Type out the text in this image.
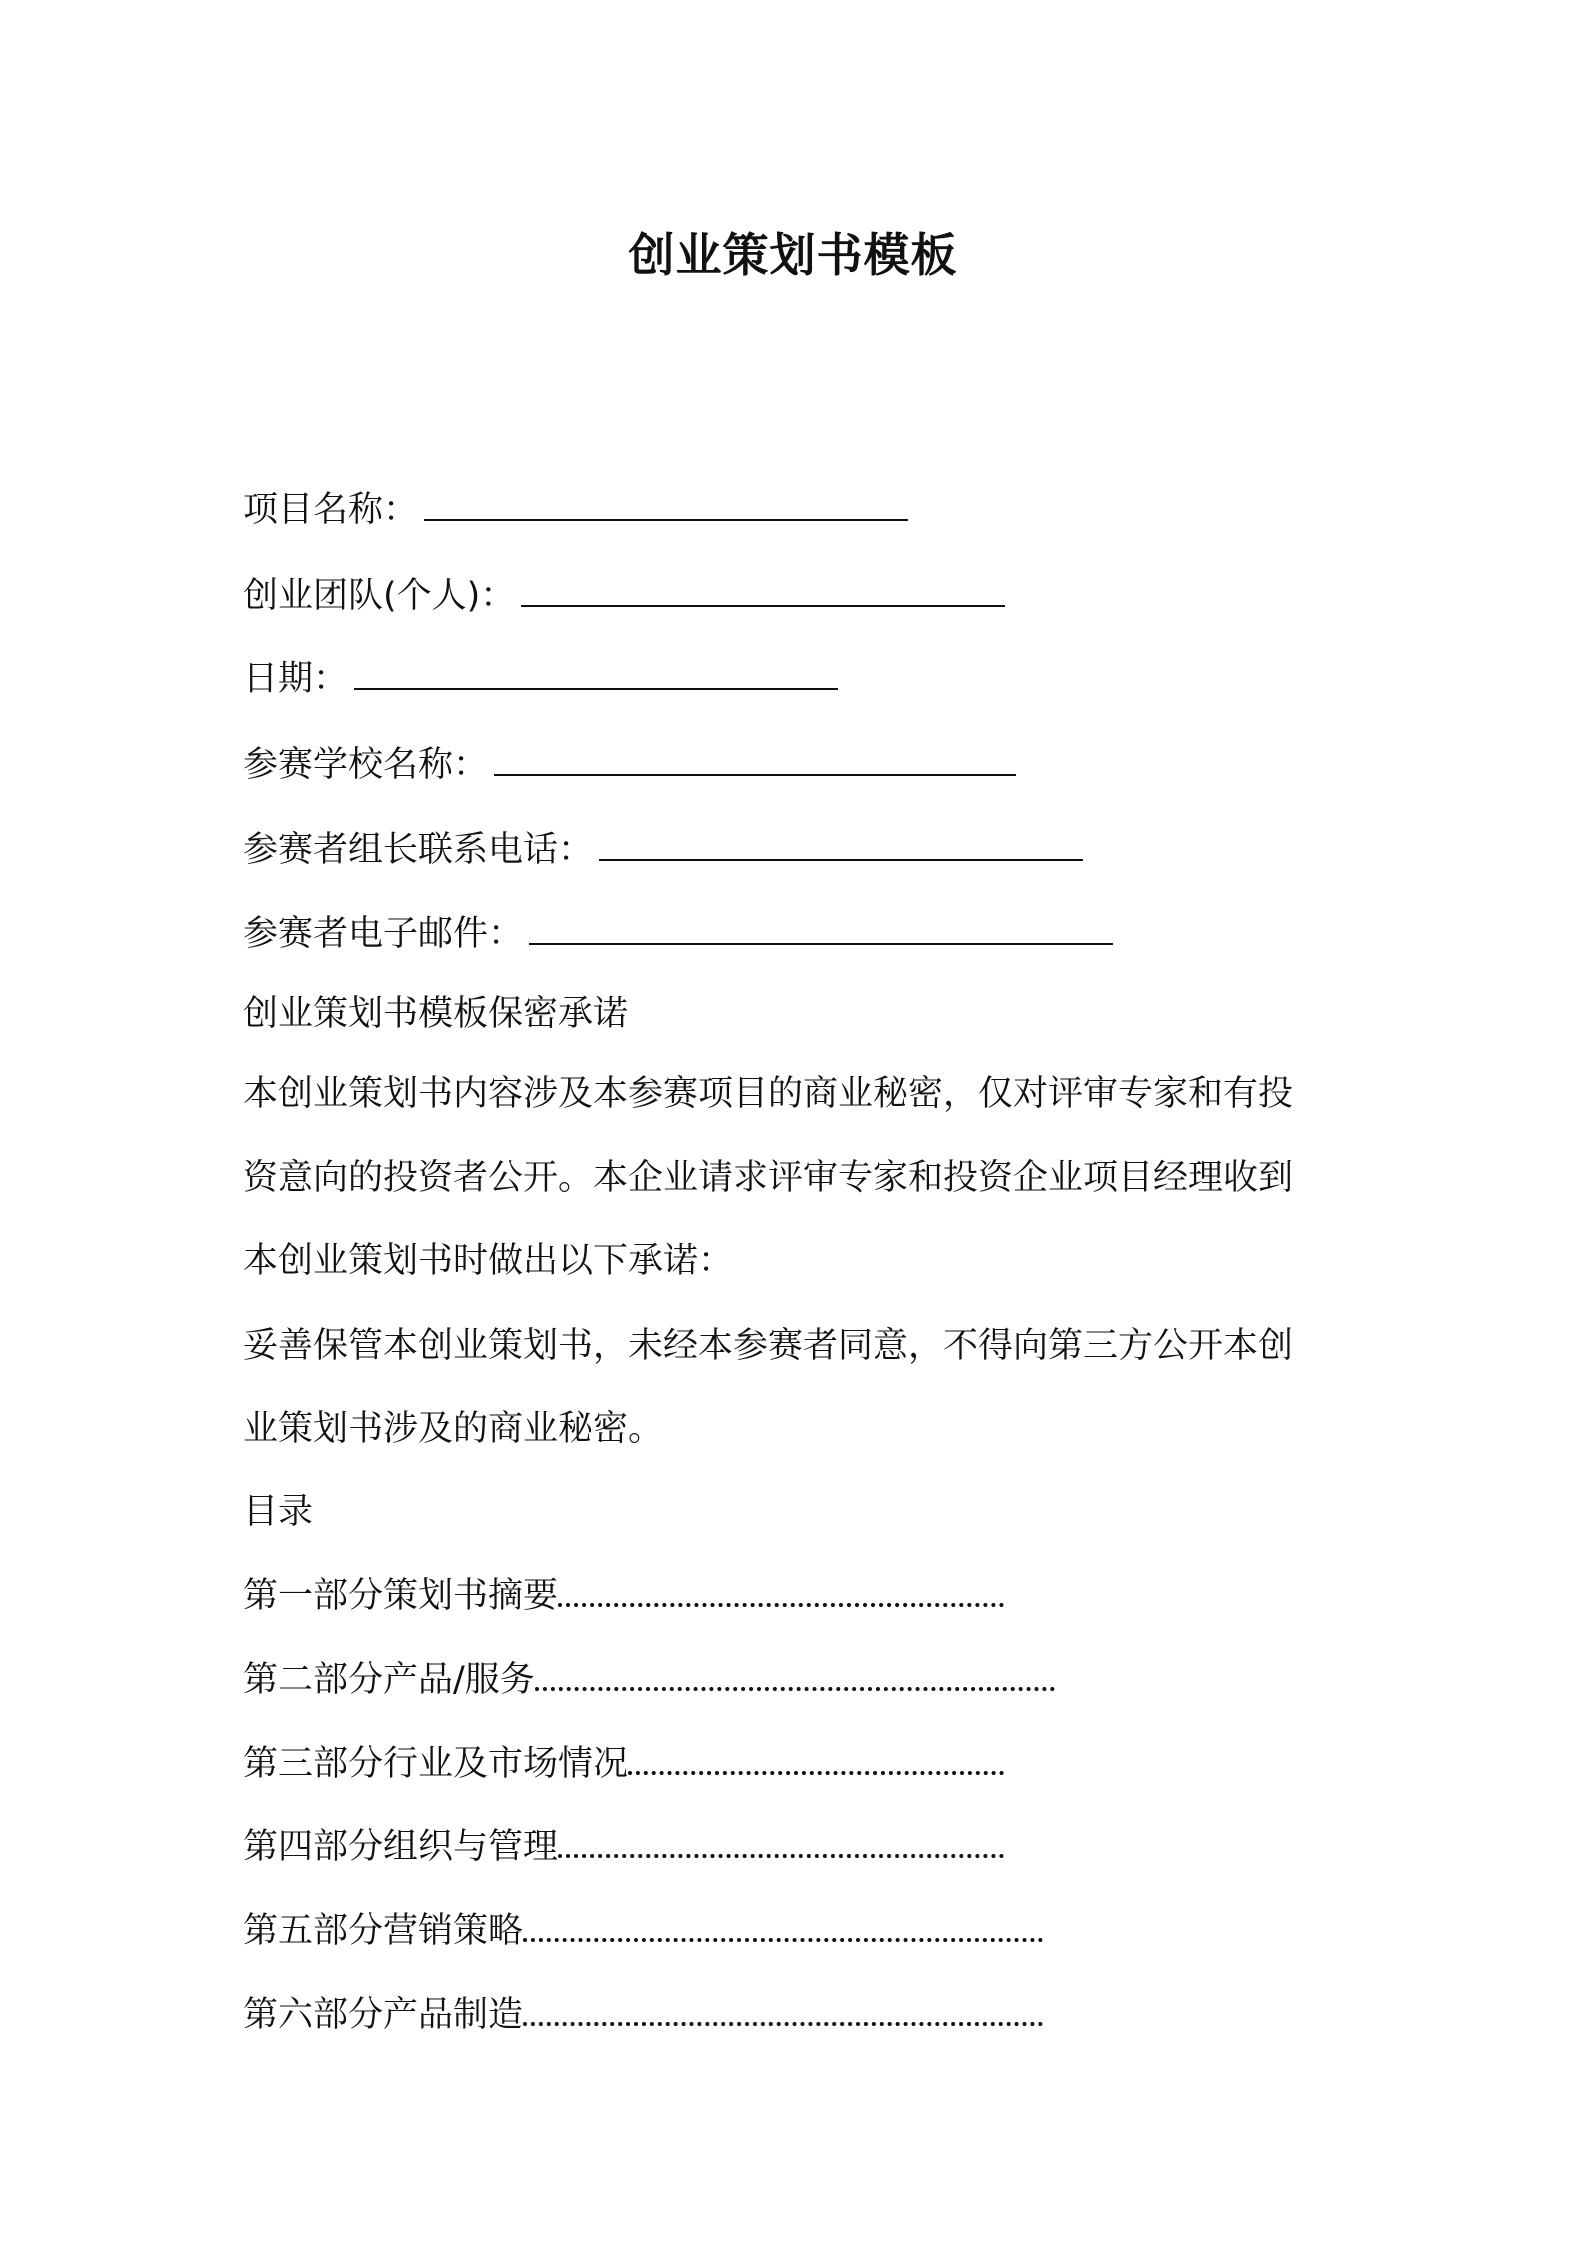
创业策划书模板
项目名称：
创业团队(个人)：
日期：
参赛学校名称：
参赛者组长联系电话：
参赛者电子邮件：
创业策划书模板保密承诺
本创业策划书内容涉及本参赛项目的商业秘密，仅对评审专家和有投
资意向的投资者公开。本企业请求评审专家和投资企业项目经理收到
本创业策划书时做出以下承诺：
妥善保管本创业策划书，未经本参赛者同意，不得向第三方公开本创
业策划书涉及的商业秘密。
目录
第一部分策划书摘要
第二部分产品/服务
第三部分行业及市场情况
第四部分组织与管理
第五部分营销策略
第六部分产品制造
